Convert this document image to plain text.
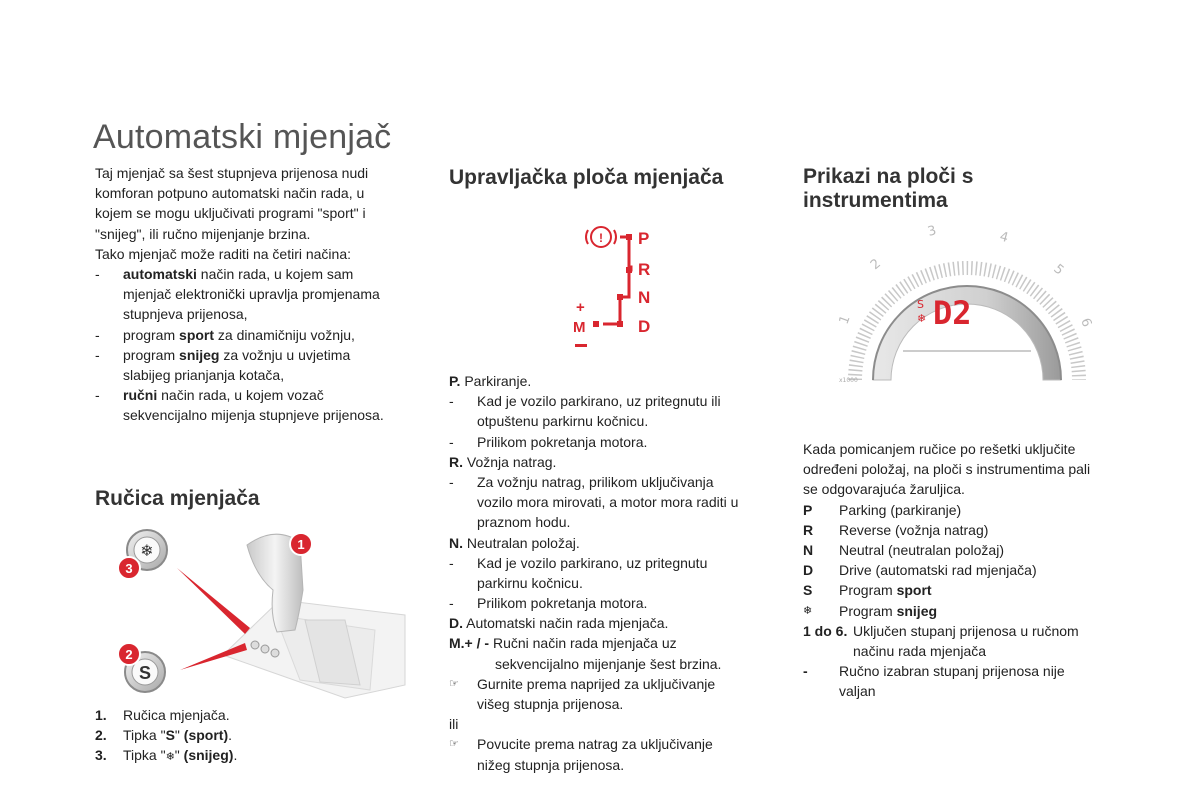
Automatski mjenjač
Taj mjenjač sa šest stupnjeva prijenosa nudi
komforan potpuno automatski način rada, u
kojem se mogu uključivati programi "sport" i
"snijeg", ili ručno mijenjanje brzina.
Tako mjenjač može raditi na četiri načina:
-	automatski način rada, u kojem sam
mjenjač elektronički upravlja promjenama
stupnjeva prijenosa,
-	program sport za dinamičniju vožnju,
-	program snijeg za vožnju u uvjetima
slabijeg prianjanja kotača,
-	ručni način rada, u kojem vozač
sekvencijalno mijenja stupnjeve prijenosa.
Ručica mjenjača
❄
S
1
2
3
1.	Ručica mjenjača.
2.	Tipka "S" (sport).
3.	Tipka "❄" (snijeg).
Upravljačka ploča mjenjača
! P
R
N
D
+
M
P. Parkiranje.
-	Kad je vozilo parkirano, uz pritegnutu ili
otpuštenu parkirnu kočnicu.
-	Prilikom pokretanja motora.
R. Vožnja natrag.
-	Za vožnju natrag, prilikom uključivanja
vozilo mora mirovati, a motor mora raditi u
praznom hodu.
N. Neutralan položaj.
-	Kad je vozilo parkirano, uz pritegnutu
parkirnu kočnicu.
-	Prilikom pokretanja motora.
D. Automatski način rada mjenjača.
M.+ / - Ručni način rada mjenjača uz
sekvencijalno mijenjanje šest brzina.
☞	Gurnite prema naprijed za uključivanje
višeg stupnja prijenosa.
ili
☞	Povucite prema natrag za uključivanje
nižeg stupnja prijenosa.
Prikazi na ploči s
instrumentima
1
2
3	4
5
6
x1000
S
❄ D2
Kada pomicanjem ručice po rešetki uključite
određeni položaj, na ploči s instrumentima pali
se odgovarajuća žaruljica.
P	Parking (parkiranje)
R	Reverse (vožnja natrag)
N	Neutral (neutralan položaj)
D	Drive (automatski rad mjenjača)
S	Program sport
❄	Program snijeg
1 do 6. Uključen stupanj prijenosa u ručnom
načinu rada mjenjača
-	Ručno izabran stupanj prijenosa nije
valjan
